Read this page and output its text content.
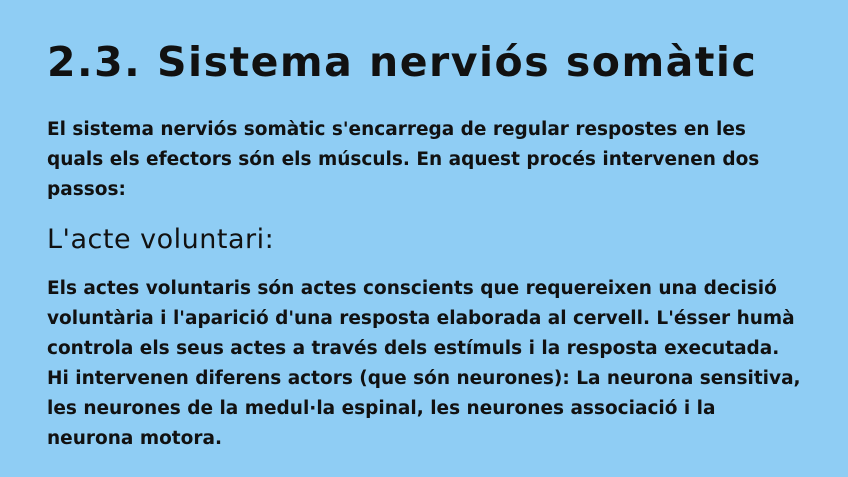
2.3. Sistema nerviós somàtic

El sistema nerviós somàtic s'encarrega de regular respostes en les quals els efectors són els músculs. En aquest procés intervenen dos passos:

L'acte voluntari:

Els actes voluntaris són actes conscients que requereixen una decisió voluntària i l'aparició d'una resposta elaborada al cervell. L'ésser humà controla els seus actes a través dels estímuls i la resposta executada. Hi intervenen diferens actors (que són neurones): La neurona sensitiva, les neurones de la medul·la espinal, les neurones associació i la neurona motora.
